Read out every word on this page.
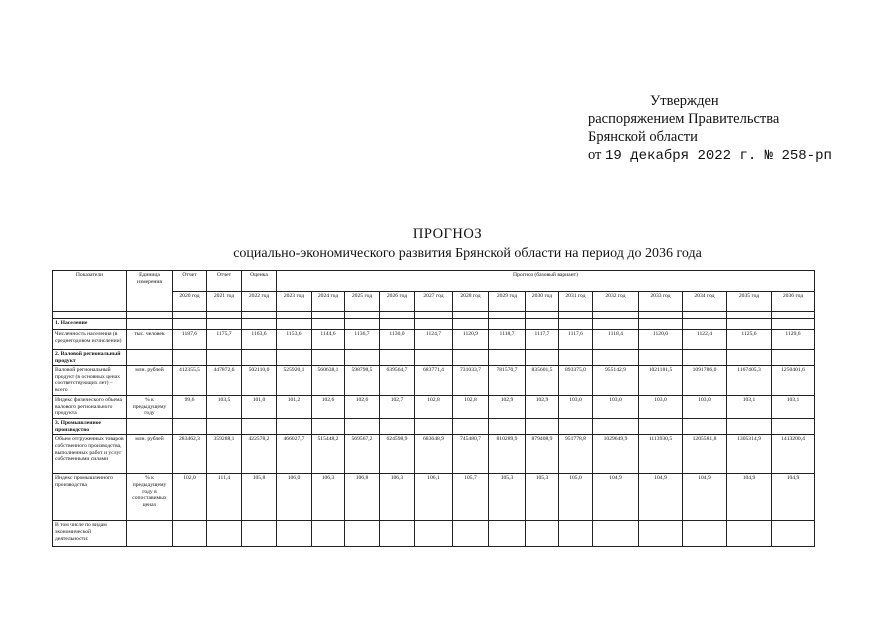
Утвержден
распоряжением Правительства
Брянской области
от 19 декабря 2022 г. № 258-рп
ПРОГНОЗ
социально-экономического развития Брянской области на период до 2036 года
Показатели	Единица измерения	Отчет	Отчет	Оценка	Прогноз (базовый вариант)													
		2020 год	2021 год	2022 год	2023 год	2024 год	2025 год	2026 год	2027 год	2028 год	2029 год	2030 год	2031 год	2032 год	2033 год	2034 год	2035 год	2036 год

1. Население																		
Численность населения (в среднегодовом исчислении)	тыс. человек	1187,6	1175,7	1163,6	1153,6	1144,6	1136,7	1130,0	1124,7	1120,9	1118,7	1117,7	1117,6	1118,4	1120,0	1122,4	1125,6	1129,6
2. Валовой региональный продукт																		
Валовой региональный продукт (в основных ценах соответствующих лет) – всего	млн. рублей	412355,5	447872,6	502110,0	525920,1	560638,1	598798,5	639564,7	683771,4	731033,7	781570,7	835601,5	893375,0	955142,9	1021181,5	1091786,0	1167405,3	1250401,6
Индекс физического объема валового регионального продукта	% к предыдущему году	99,6	103,5	101,0	101,2	102,6	102,6	102,7	102,8	102,8	102,9	102,9	103,0	103,0	103,0	103,0	103,1	103,1
3. Промышленное производство																		
Объем отгруженных товаров собственного производства, выполненных работ и услуг собственными силами	млн. рублей	283462,3	359288,1	422578,2	466027,7	515448,2	569567,2	624598,9	683648,9	745480,7	810289,9	879408,9	951778,8	1029649,9	1113930,5	1205581,8	1305314,9	1413200,4
Индекс промышленного производства	% к предыдущему году в сопоставимых ценах	102,0	111,4	105,8	106,0	106,3	106,8	106,3	106,1	105,7	105,3	105,3	105,0	104,9	104,9	104,9	104,9	104,9
В том числе по видам экономической деятельности:																		
